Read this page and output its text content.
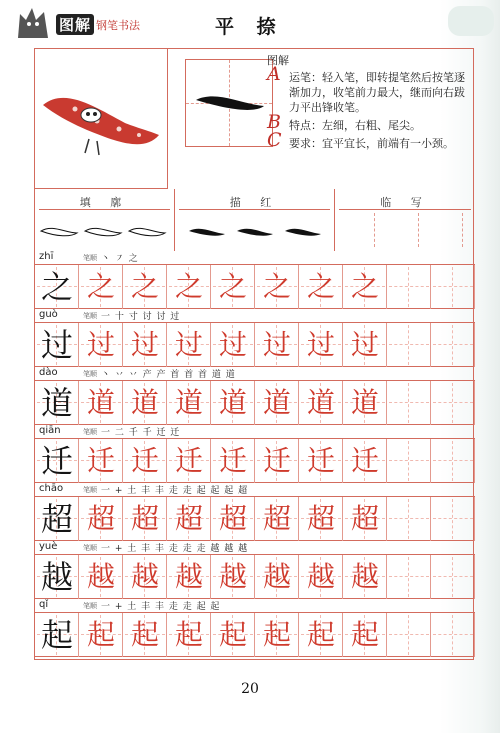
图解 钢笔书法	平 捺
图解
A 运笔：轻入笔，即转提笔然后按笔逐渐加力，收笔前力最大，继而向右跋力平出锋收笔。
B 特点：左细，右粗、尾尖。
C 要求：宜平宜长，前端有一小颈。
填 廓	描 红	临 写
zhī	笔顺 丶 ㇇ 之
之 之 之 之 之 之 之 之
guò	笔顺 一 十 寸 讨 讨 过
过 过 过 过 过 过 过 过
dào	笔顺 丶 丷 丷 产 产 首 首 首 道 道
道 道 道 道 道 道 道 道
qiān	笔顺 一 二 千 千 迁 迁
迁 迁 迁 迁 迁 迁 迁 迁
chāo	笔顺 一 + 土 丰 丰 走 走 起 起 起 超
超 超 超 超 超 超 超 超
yuè	笔顺 一 + 土 丰 丰 走 走 走 越 越 越
越 越 越 越 越 越 越 越
qǐ	笔顺 一 + 土 丰 丰 走 走 起 起
起 起 起 起 起 起 起 起
20
